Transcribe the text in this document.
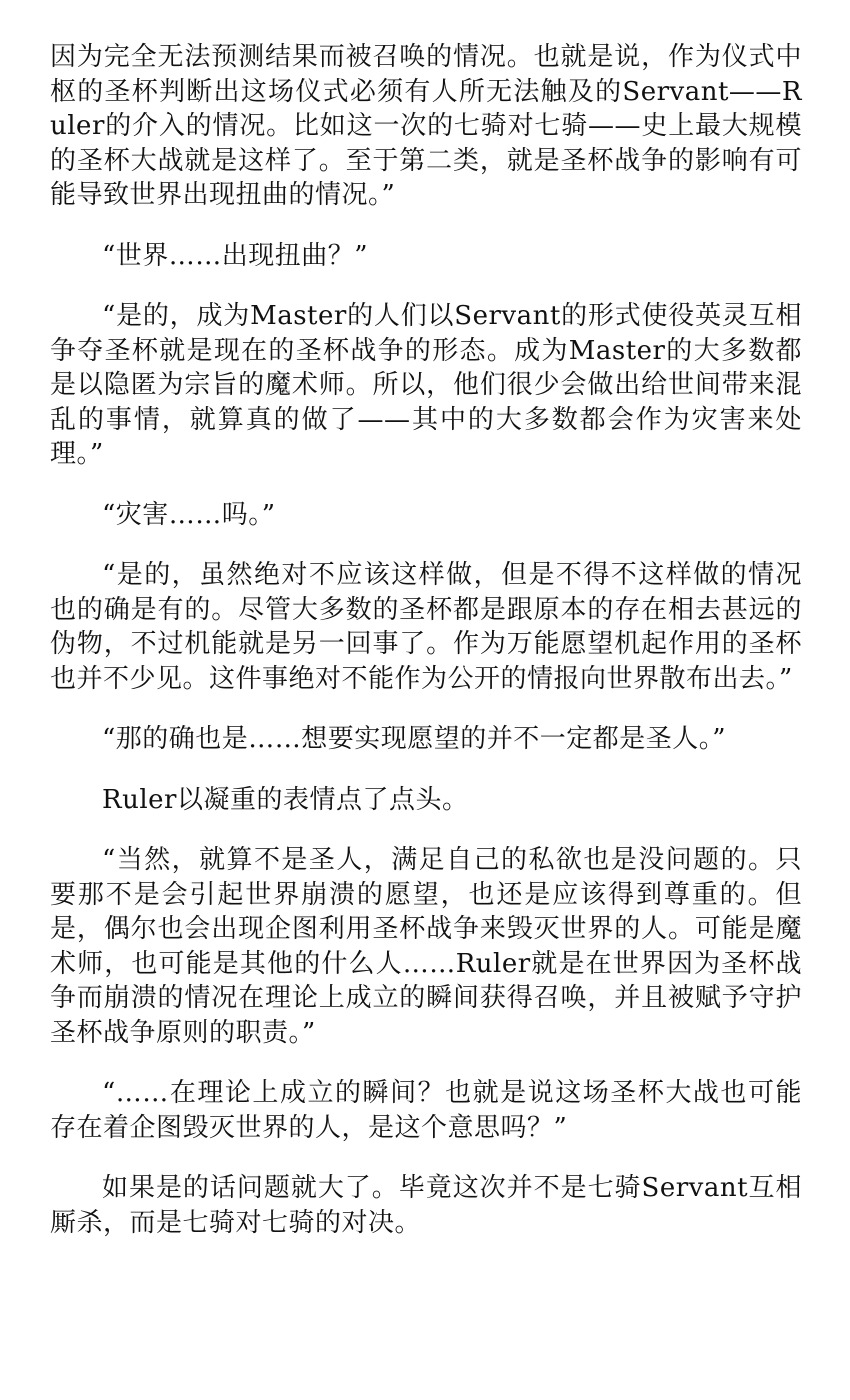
因为完全无法预测结果而被召唤的情况。也就是说，作为仪式中枢的圣杯判断出这场仪式必须有人所无法触及的Servant——Ruler的介入的情况。比如这一次的七骑对七骑——史上最大规模的圣杯大战就是这样了。至于第二类，就是圣杯战争的影响有可能导致世界出现扭曲的情况。”

“世界……出现扭曲？”

“是的，成为Master的人们以Servant的形式使役英灵互相争夺圣杯就是现在的圣杯战争的形态。成为Master的大多数都是以隐匿为宗旨的魔术师。所以，他们很少会做出给世间带来混乱的事情，就算真的做了——其中的大多数都会作为灾害来处理。”

“灾害……吗。”

“是的，虽然绝对不应该这样做，但是不得不这样做的情况也的确是有的。尽管大多数的圣杯都是跟原本的存在相去甚远的伪物，不过机能就是另一回事了。作为万能愿望机起作用的圣杯也并不少见。这件事绝对不能作为公开的情报向世界散布出去。”

“那的确也是……想要实现愿望的并不一定都是圣人。”

Ruler以凝重的表情点了点头。

“当然，就算不是圣人，满足自己的私欲也是没问题的。只要那不是会引起世界崩溃的愿望，也还是应该得到尊重的。但是，偶尔也会出现企图利用圣杯战争来毁灭世界的人。可能是魔术师，也可能是其他的什么人……Ruler就是在世界因为圣杯战争而崩溃的情况在理论上成立的瞬间获得召唤，并且被赋予守护圣杯战争原则的职责。”

“……在理论上成立的瞬间？也就是说这场圣杯大战也可能存在着企图毁灭世界的人，是这个意思吗？”

如果是的话问题就大了。毕竟这次并不是七骑Servant互相厮杀，而是七骑对七骑的对决。
